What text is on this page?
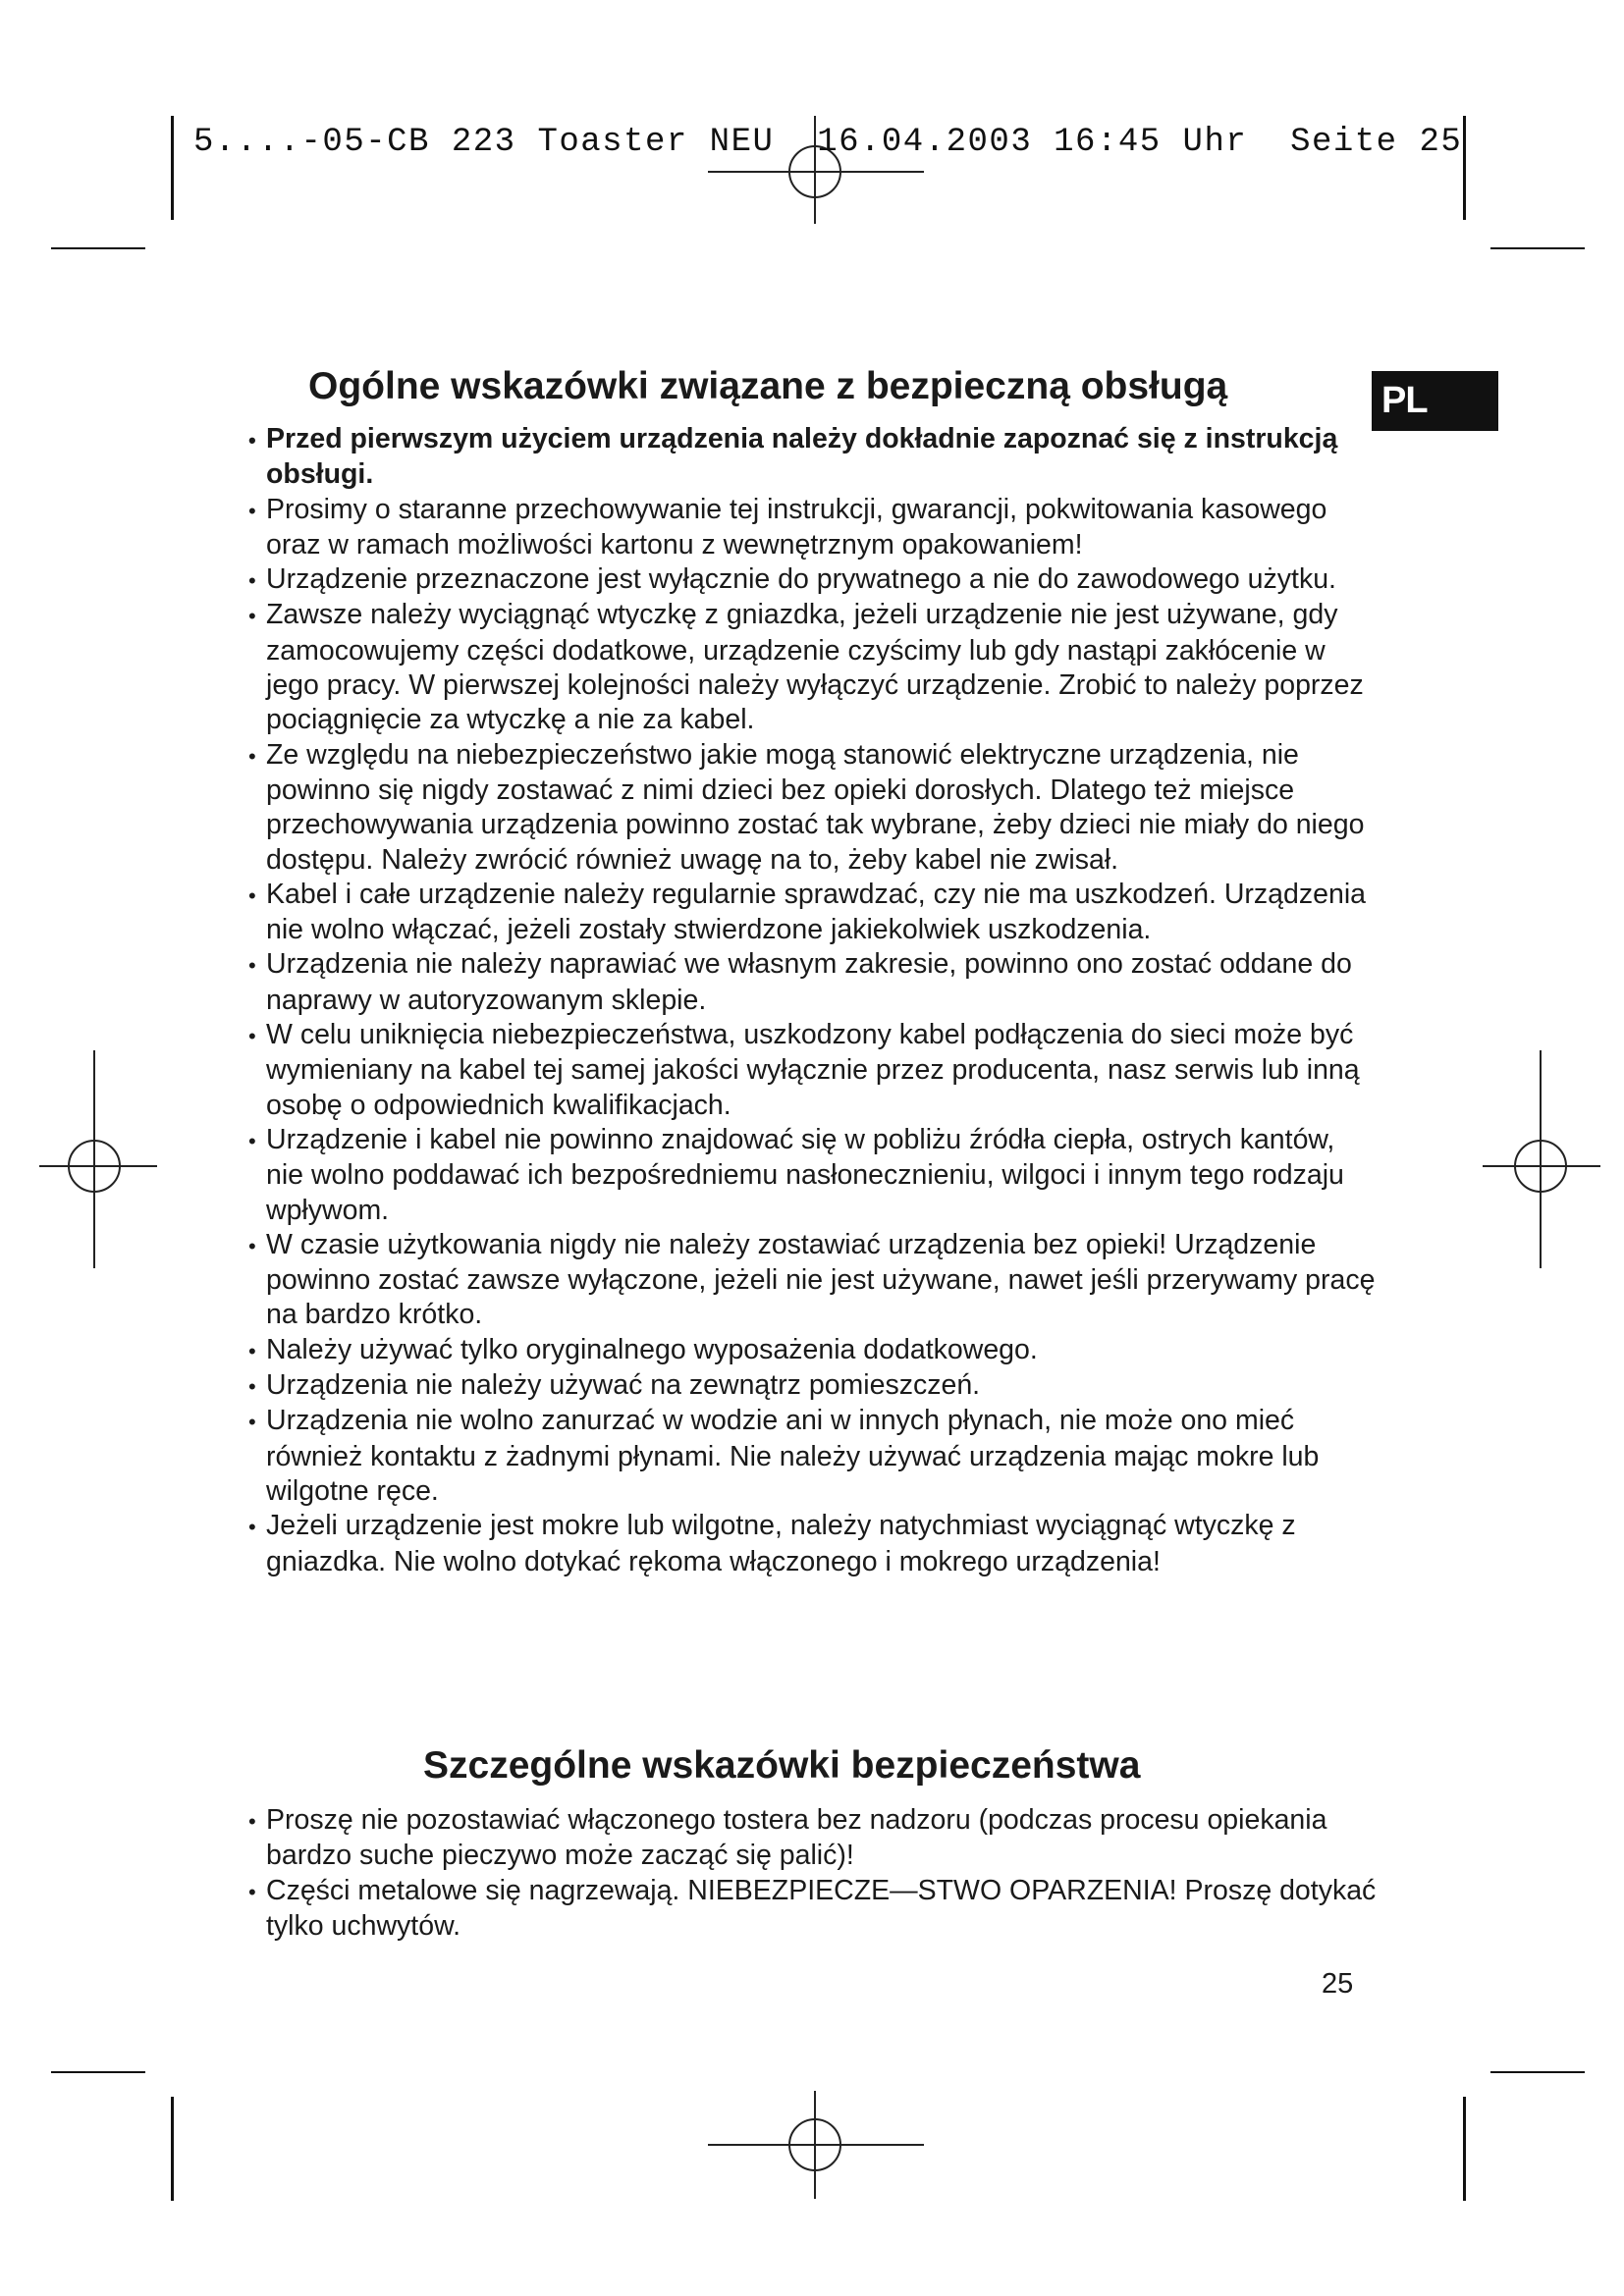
5....-05-CB 223 Toaster NEU  16.04.2003 16:45 Uhr  Seite 25
PL
Ogólne wskazówki związane z bezpieczną obsługą
• Przed pierwszym użyciem urządzenia należy dokładnie zapoznać się z instrukcją obsługi.
• Prosimy o staranne przechowywanie tej instrukcji, gwarancji, pokwitowania kasowego oraz w ramach możliwości kartonu z wewnętrznym opakowaniem!
• Urządzenie przeznaczone jest wyłącznie do prywatnego a nie do zawodowego użytku.
• Zawsze należy wyciągnąć wtyczkę z gniazdka, jeżeli urządzenie nie jest używane, gdy zamocowujemy części dodatkowe, urządzenie czyścimy lub gdy nastąpi zakłócenie w jego pracy. W pierwszej kolejności należy wyłączyć urządzenie. Zrobić to należy poprzez pociągnięcie za wtyczkę a nie za kabel.
• Ze względu na niebezpieczeństwo jakie mogą stanowić elektryczne urządzenia, nie powinno się nigdy zostawać z nimi dzieci bez opieki dorosłych. Dlatego też miejsce przechowywania urządzenia powinno zostać tak wybrane, żeby dzieci nie miały do niego dostępu. Należy zwrócić również uwagę na to, żeby kabel nie zwisał.
• Kabel i całe urządzenie należy regularnie sprawdzać, czy nie ma uszkodzeń. Urządzenia nie wolno włączać, jeżeli zostały stwierdzone jakiekolwiek uszkodzenia.
• Urządzenia nie należy naprawiać we własnym zakresie, powinno ono zostać oddane do naprawy w autoryzowanym sklepie.
• W celu uniknięcia niebezpieczeństwa, uszkodzony kabel podłączenia do sieci może być wymieniany na kabel tej samej jakości wyłącznie przez producenta, nasz serwis lub inną osobę o odpowiednich kwalifikacjach.
• Urządzenie i kabel nie powinno znajdować się w pobliżu źródła ciepła, ostrych kantów, nie wolno poddawać ich bezpośredniemu nasłonecznieniu, wilgoci i innym tego rodzaju wpływom.
• W czasie użytkowania nigdy nie należy zostawiać urządzenia bez opieki! Urządzenie powinno zostać zawsze wyłączone, jeżeli nie jest używane, nawet jeśli przerywamy pracę na bardzo krótko.
• Należy używać tylko oryginalnego wyposażenia dodatkowego.
• Urządzenia nie należy używać na zewnątrz pomieszczeń.
• Urządzenia nie wolno zanurzać w wodzie ani w innych płynach, nie może ono mieć również kontaktu z żadnymi płynami. Nie należy używać urządzenia mając mokre lub wilgotne ręce.
• Jeżeli urządzenie jest mokre lub wilgotne, należy natychmiast wyciągnąć wtyczkę z gniazdka. Nie wolno dotykać rękoma włączonego i mokrego urządzenia!
Szczególne wskazówki bezpieczeństwa
• Proszę nie pozostawiać włączonego tostera bez nadzoru (podczas procesu opiekania bardzo suche pieczywo może zacząć się palić)!
• Części metalowe się nagrzewają. NIEBEZPIECZE—STWO OPARZENIA! Proszę dotykać tylko uchwytów.
25
